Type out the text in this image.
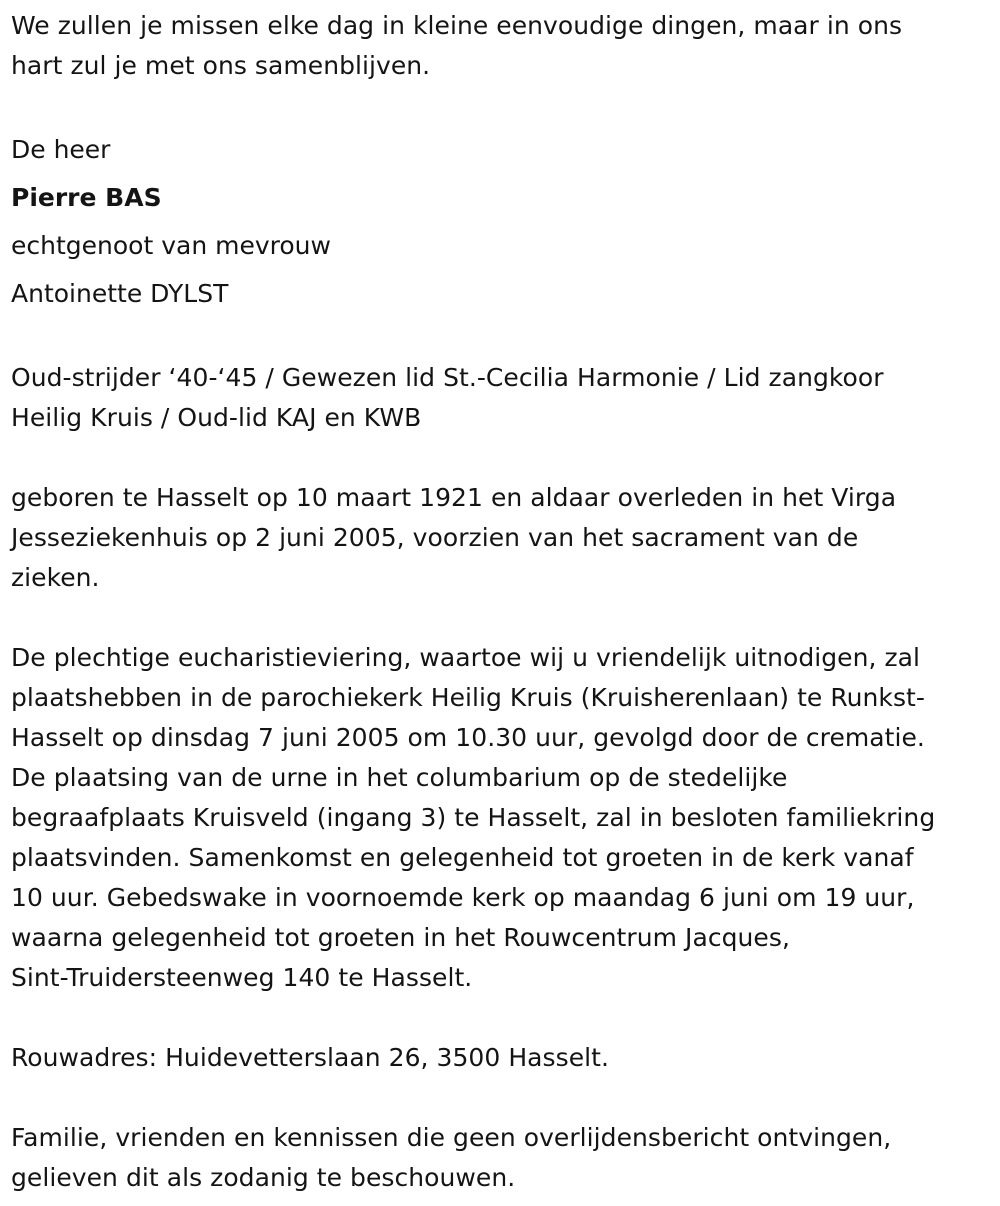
We zullen je missen elke dag in kleine eenvoudige dingen, maar in ons

hart zul je met ons samenblijven.

De heer

Pierre BAS

echtgenoot van mevrouw

Antoinette DYLST

Oud-strijder ‘40-‘45 / Gewezen lid St.-Cecilia Harmonie / Lid zangkoor

Heilig Kruis / Oud-lid KAJ en KWB

geboren te Hasselt op 10 maart 1921 en aldaar overleden in het Virga

Jesseziekenhuis op 2 juni 2005, voorzien van het sacrament van de

zieken.

De plechtige eucharistieviering, waartoe wij u vriendelijk uitnodigen, zal

plaatshebben in de parochiekerk Heilig Kruis (Kruisherenlaan) te Runkst-

Hasselt op dinsdag 7 juni 2005 om 10.30 uur, gevolgd door de crematie.

De plaatsing van de urne in het columbarium op de stedelijke

begraafplaats Kruisveld (ingang 3) te Hasselt, zal in besloten familiekring

plaatsvinden. Samenkomst en gelegenheid tot groeten in de kerk vanaf

10 uur. Gebedswake in voornoemde kerk op maandag 6 juni om 19 uur,

waarna gelegenheid tot groeten in het Rouwcentrum Jacques,

Sint-Truidersteenweg 140 te Hasselt.

Rouwadres: Huidevetterslaan 26, 3500 Hasselt.

Familie, vrienden en kennissen die geen overlijdensbericht ontvingen,

gelieven dit als zodanig te beschouwen.
